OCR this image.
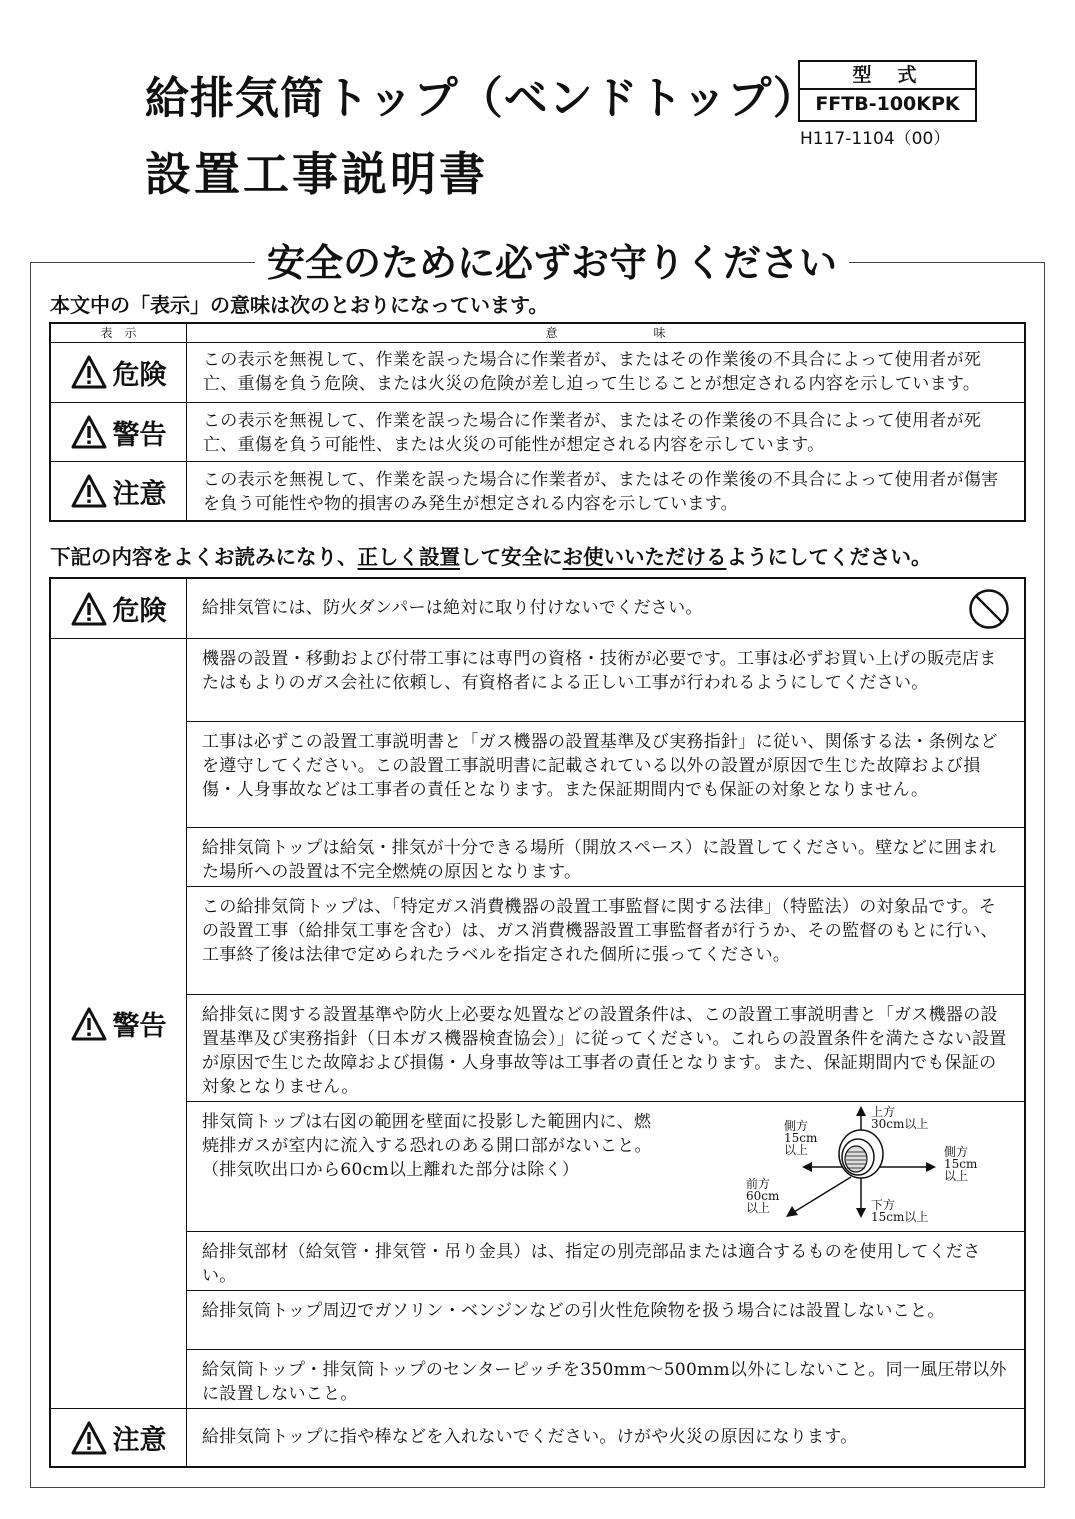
給排気筒トップ（ベンドトップ）
設置工事説明書
型式
FFTB-100KPK
H117-1104（00）
安全のために必ずお守りください
本文中の「表示」の意味は次のとおりになっています。
表　示	意　　　　　　　　味
危険 この表示を無視して、作業を誤った場合に作業者が、またはその作業後の不具合によって使用者が死亡、重傷を負う危険、または火災の危険が差し迫って生じることが想定される内容を示しています。
警告 この表示を無視して、作業を誤った場合に作業者が、またはその作業後の不具合によって使用者が死亡、重傷を負う可能性、または火災の可能性が想定される内容を示しています。
注意 この表示を無視して、作業を誤った場合に作業者が、またはその作業後の不具合によって使用者が傷害を負う可能性や物的損害のみ発生が想定される内容を示しています。
下記の内容をよくお読みになり、正しく設置して安全にお使いいただけるようにしてください。
危険 給排気管には、防火ダンパーは絶対に取り付けないでください。
警告
機器の設置・移動および付帯工事には専門の資格・技術が必要です。工事は必ずお買い上げの販売店またはもよりのガス会社に依頼し、有資格者による正しい工事が行われるようにしてください。
工事は必ずこの設置工事説明書と「ガス機器の設置基準及び実務指針」に従い、関係する法・条例などを遵守してください。この設置工事説明書に記載されている以外の設置が原因で生じた故障および損傷・人身事故などは工事者の責任となります。また保証期間内でも保証の対象となりません。
給排気筒トップは給気・排気が十分できる場所（開放スペース）に設置してください。壁などに囲まれた場所への設置は不完全燃焼の原因となります。
この給排気筒トップは、「特定ガス消費機器の設置工事監督に関する法律」（特監法）の対象品です。その設置工事（給排気工事を含む）は、ガス消費機器設置工事監督者が行うか、その監督のもとに行い、工事終了後は法律で定められたラベルを指定された個所に張ってください。
給排気に関する設置基準や防火上必要な処置などの設置条件は、この設置工事説明書と「ガス機器の設置基準及び実務指針（日本ガス機器検査協会）」に従ってください。これらの設置条件を満たさない設置が原因で生じた故障および損傷・人身事故等は工事者の責任となります。また、保証期間内でも保証の対象となりません。
排気筒トップは右図の範囲を壁面に投影した範囲内に、燃焼排ガスが室内に流入する恐れのある開口部がないこと。（排気吹出口から60cm以上離れた部分は除く）
上方
30cm以上
側方
15cm
以上	側方
15cm
以上
前方
60cm
以上	下方
15cm以上
給排気部材（給気管・排気管・吊り金具）は、指定の別売部品または適合するものを使用してください。
給排気筒トップ周辺でガソリン・ベンジンなどの引火性危険物を扱う場合には設置しないこと。
給気筒トップ・排気筒トップのセンターピッチを350mm～500mm以外にしないこと。同一風圧帯以外に設置しないこと。
注意 給排気筒トップに指や棒などを入れないでください。けがや火災の原因になります。
